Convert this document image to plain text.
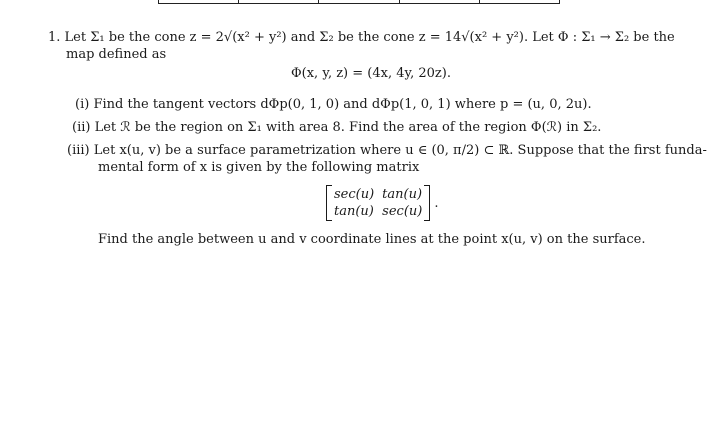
1. Let Σ₁ be the cone z = 2√(x² + y²) and Σ₂ be the cone z = 14√(x² + y²). Let Φ : Σ₁ → Σ₂ be the
map defined as
Φ(x, y, z) = (4x, 4y, 20z).
(i) Find the tangent vectors dΦp(0, 1, 0) and dΦp(1, 0, 1) where p = (u, 0, 2u).
(ii) Let ℛ be the region on Σ₁ with area 8. Find the area of the region Φ(ℛ) in Σ₂.
(iii) Let x(u, v) be a surface parametrization where u ∈ (0, π/2) ⊂ ℝ. Suppose that the first funda-
mental form of x is given by the following matrix
sec(u) tan(u)
tan(u) sec(u)
.
Find the angle between u and v coordinate lines at the point x(u, v) on the surface.
